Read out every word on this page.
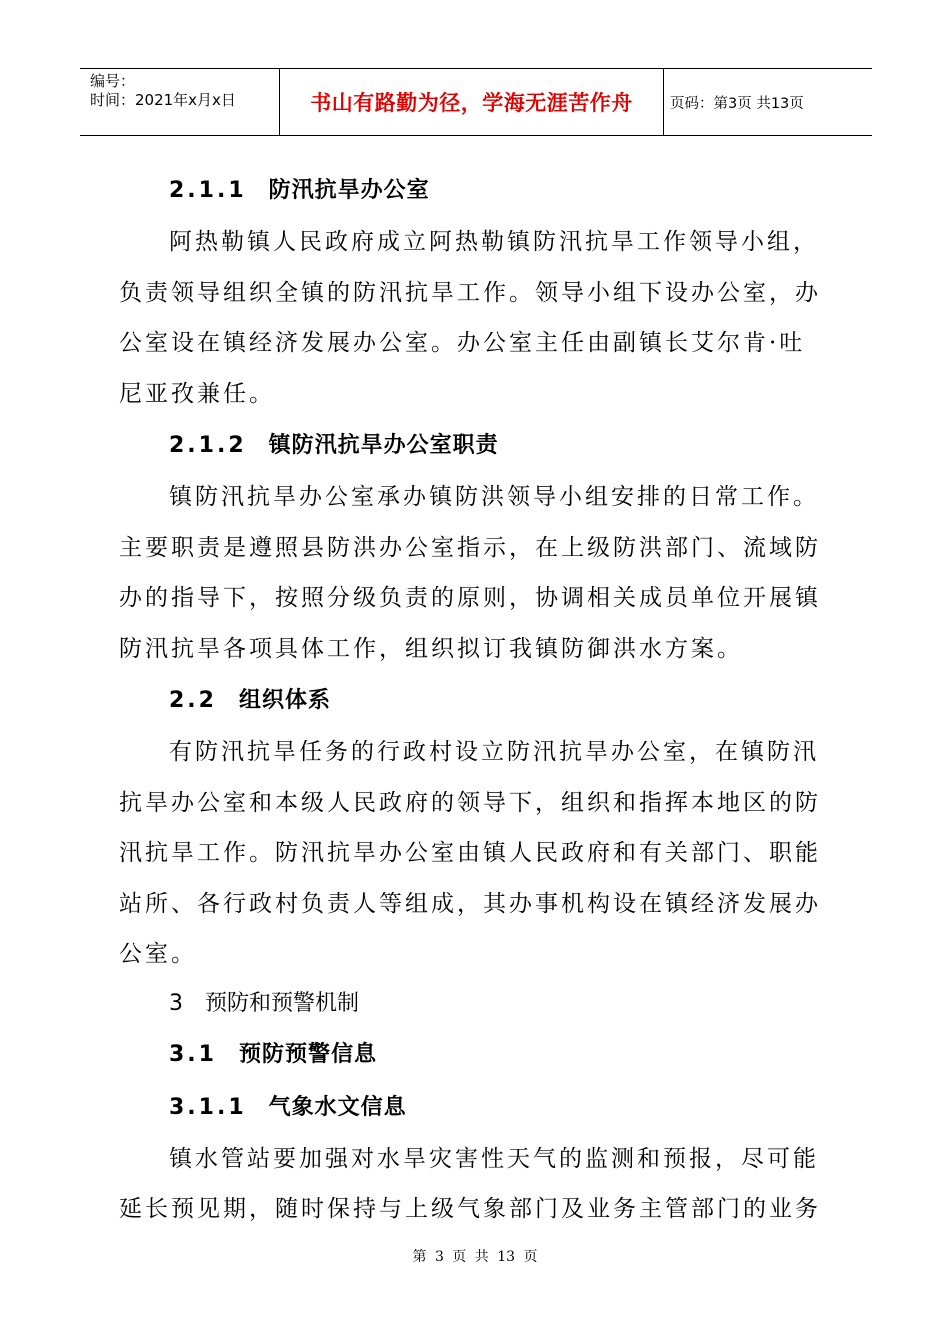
编号：
时间：2021年x月x日	书山有路勤为径，学海无涯苦作舟	页码：第3页 共13页
2.1.1 防汛抗旱办公室
阿热勒镇人民政府成立阿热勒镇防汛抗旱工作领导小组，
负责领导组织全镇的防汛抗旱工作。领导小组下设办公室，办
公室设在镇经济发展办公室。办公室主任由副镇长艾尔肯·吐
尼亚孜兼任。
2.1.2 镇防汛抗旱办公室职责
镇防汛抗旱办公室承办镇防洪领导小组安排的日常工作。
主要职责是遵照县防洪办公室指示，在上级防洪部门、流域防
办的指导下，按照分级负责的原则，协调相关成员单位开展镇
防汛抗旱各项具体工作，组织拟订我镇防御洪水方案。
2.2 组织体系
有防汛抗旱任务的行政村设立防汛抗旱办公室，在镇防汛
抗旱办公室和本级人民政府的领导下，组织和指挥本地区的防
汛抗旱工作。防汛抗旱办公室由镇人民政府和有关部门、职能
站所、各行政村负责人等组成，其办事机构设在镇经济发展办
公室。
3 预防和预警机制
3.1 预防预警信息
3.1.1 气象水文信息
镇水管站要加强对水旱灾害性天气的监测和预报，尽可能
延长预见期，随时保持与上级气象部门及业务主管部门的业务
第 3 页 共 13 页
